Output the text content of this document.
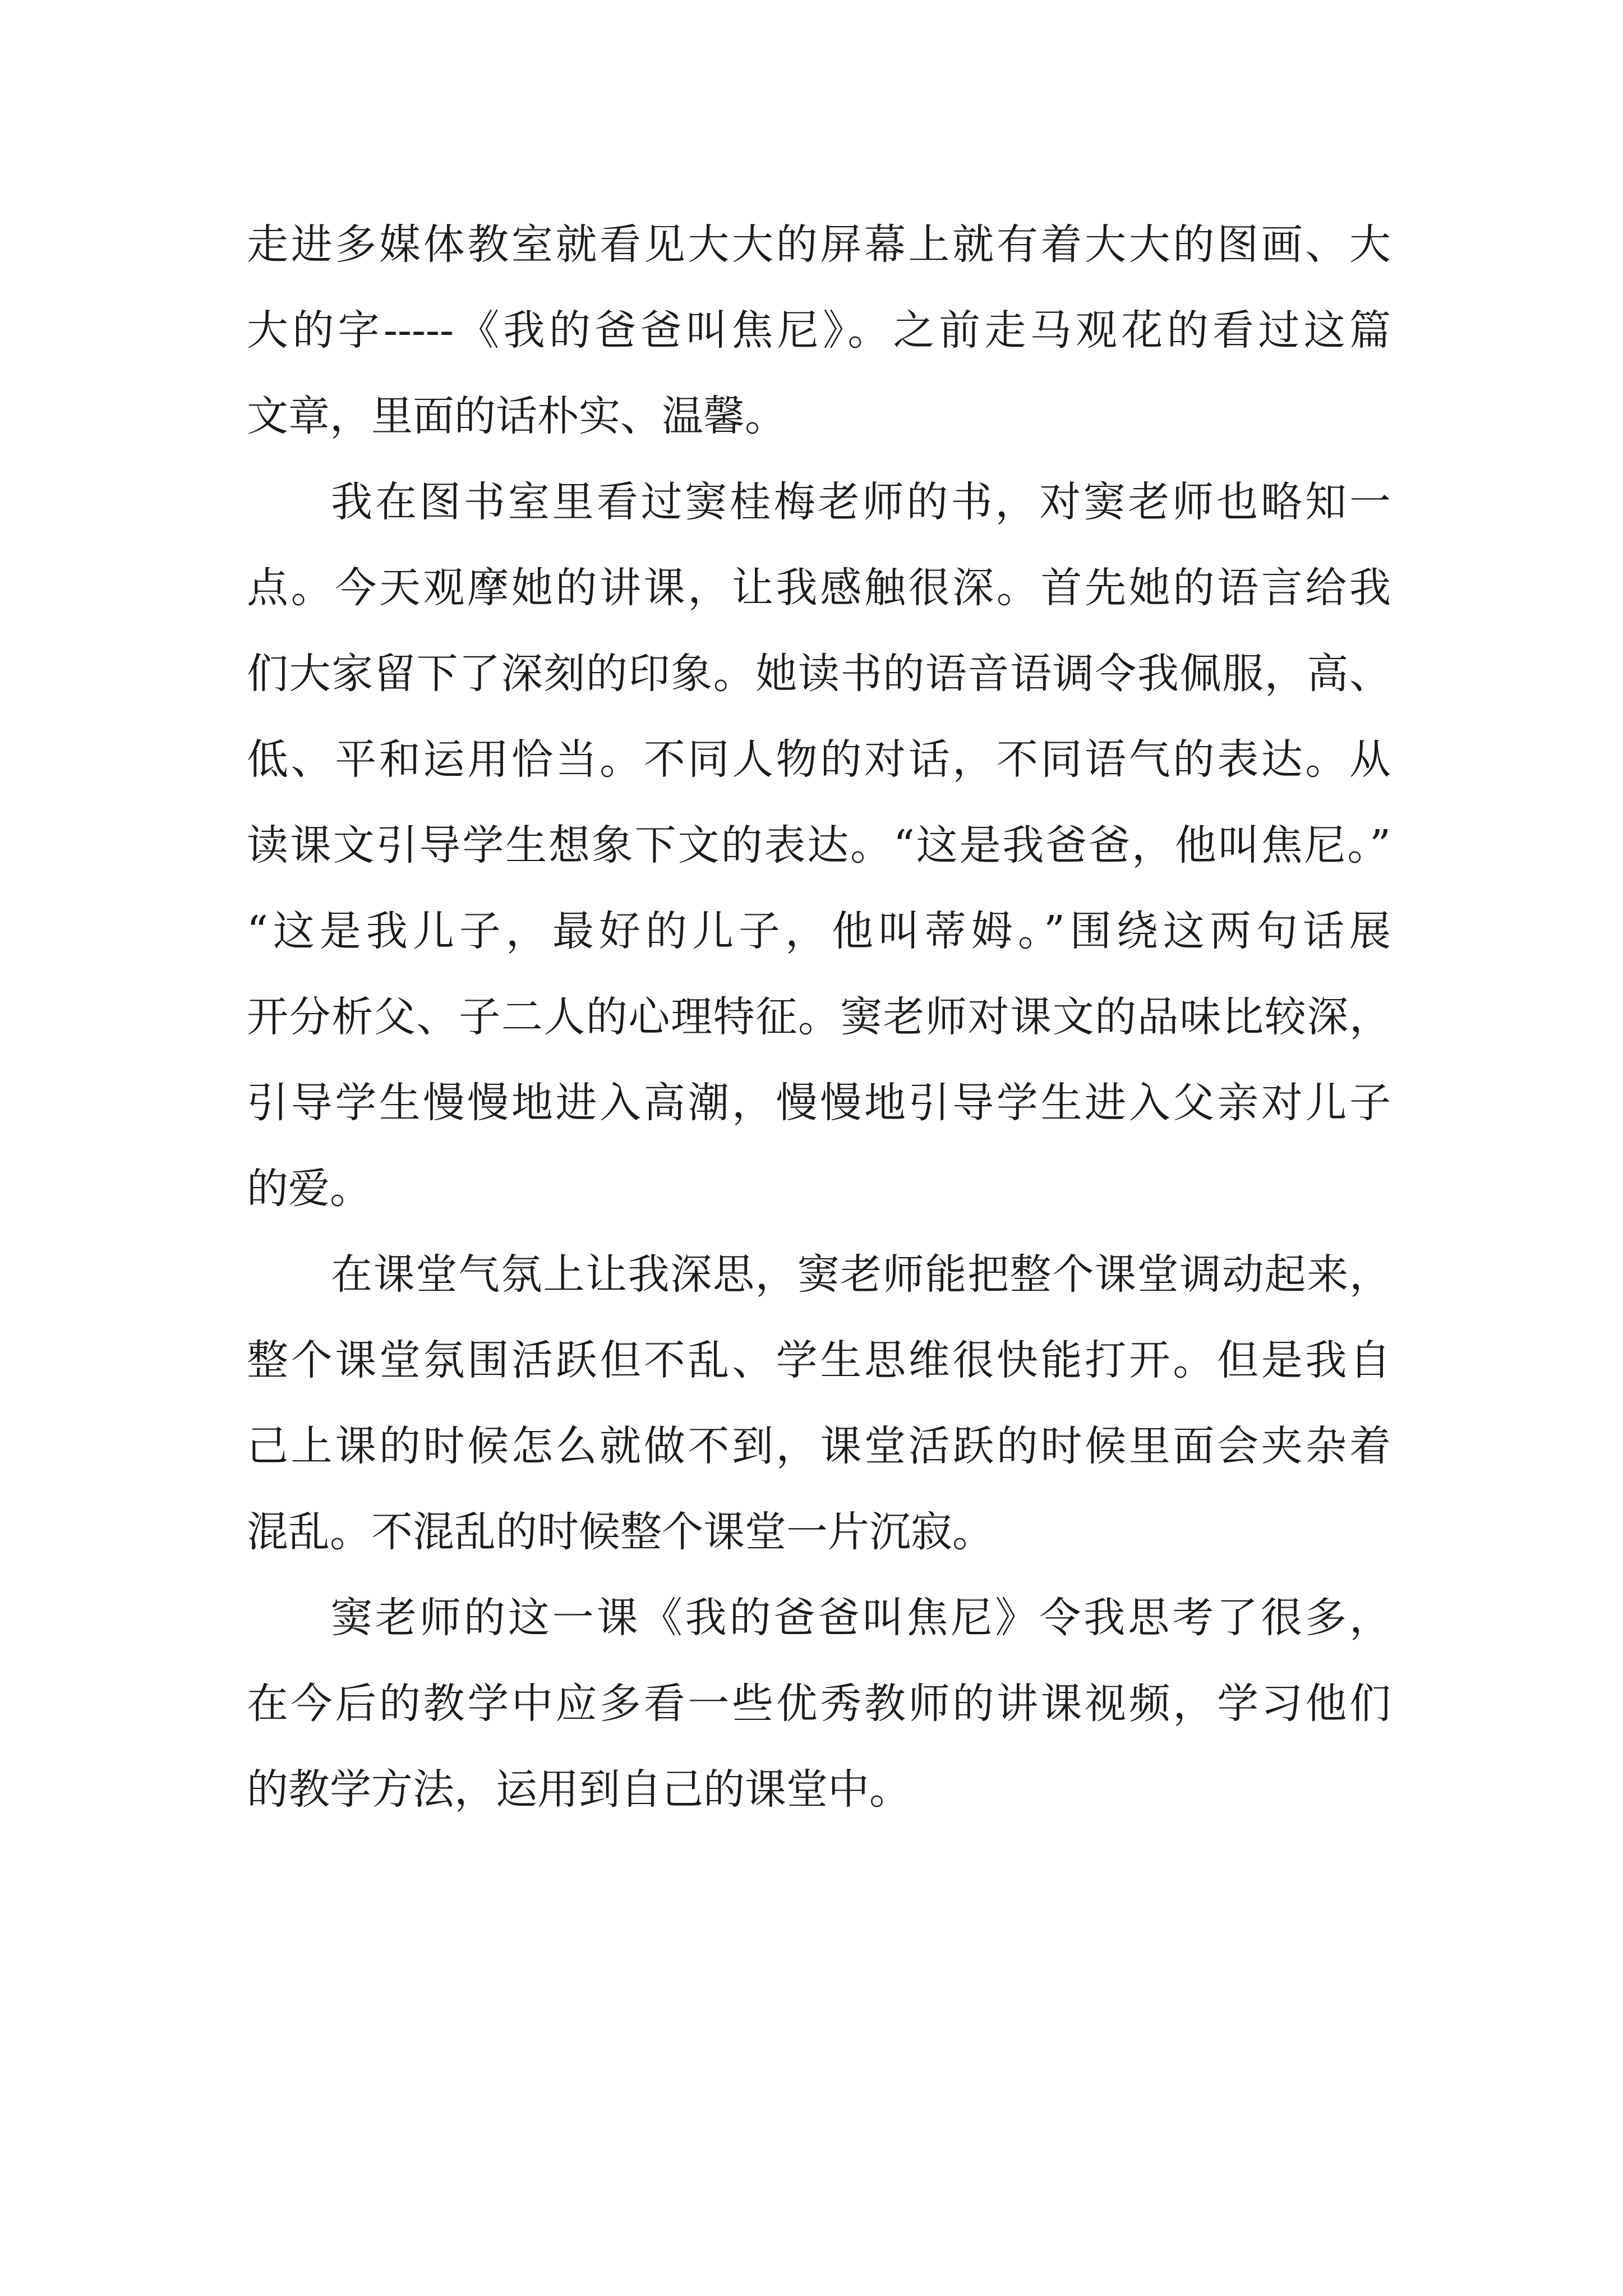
走进多媒体教室就看见大大的屏幕上就有着大大的图画、大
大的字-----《我的爸爸叫焦尼》。之前走马观花的看过这篇
文章，里面的话朴实、温馨。
我在图书室里看过窦桂梅老师的书，对窦老师也略知一
点。今天观摩她的讲课，让我感触很深。首先她的语言给我
们大家留下了深刻的印象。她读书的语音语调令我佩服，高、
低、平和运用恰当。不同人物的对话，不同语气的表达。从
读课文引导学生想象下文的表达。“这是我爸爸，他叫焦尼。”
“这是我儿子，最好的儿子，他叫蒂姆。”围绕这两句话展
开分析父、子二人的心理特征。窦老师对课文的品味比较深，
引导学生慢慢地进入高潮，慢慢地引导学生进入父亲对儿子
的爱。
在课堂气氛上让我深思，窦老师能把整个课堂调动起来，
整个课堂氛围活跃但不乱、学生思维很快能打开。但是我自
己上课的时候怎么就做不到，课堂活跃的时候里面会夹杂着
混乱。不混乱的时候整个课堂一片沉寂。
窦老师的这一课《我的爸爸叫焦尼》令我思考了很多，
在今后的教学中应多看一些优秀教师的讲课视频，学习他们
的教学方法，运用到自己的课堂中。
